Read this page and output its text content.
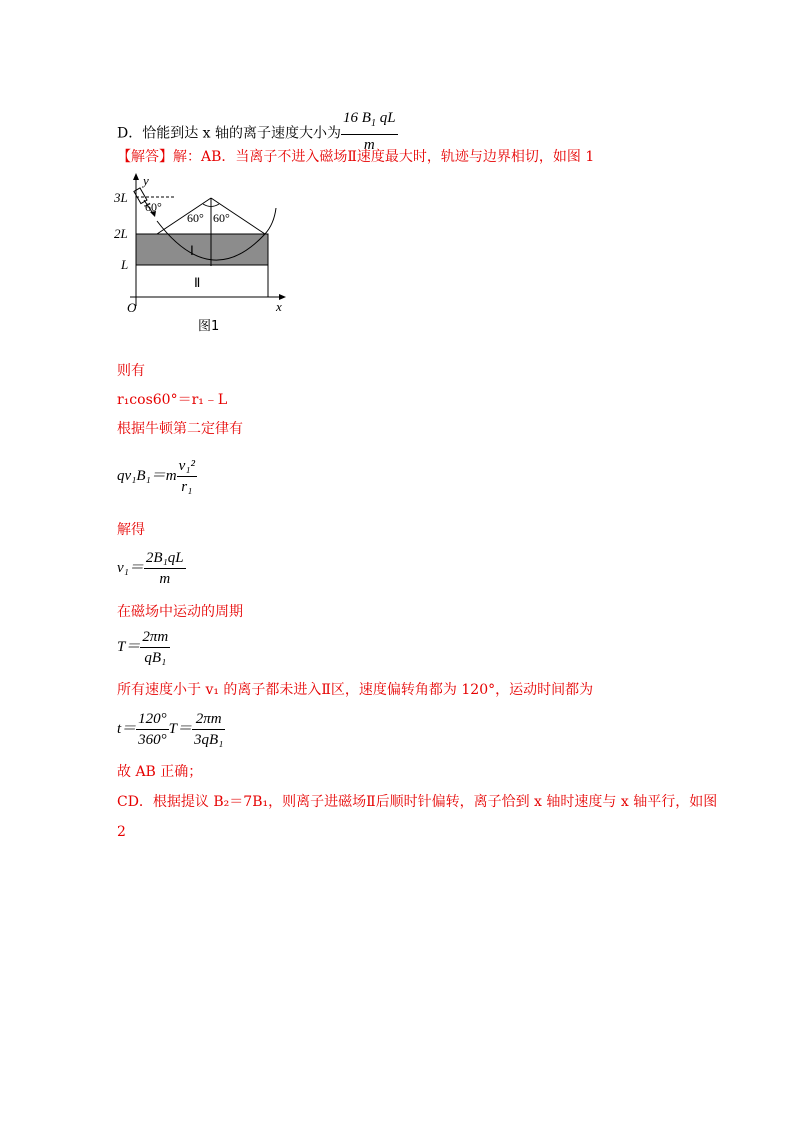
D．恰能到达 x 轴的离子速度大小为 $\frac{16 B_1 qL}{m}$
【解答】解：AB．当离子不进入磁场Ⅱ速度最大时，轨迹与边界相切，如图 1
y
x
O
3L
2L
L
60°
60° 60°
Ⅰ
Ⅱ
图1
则有
r₁cos60°＝r₁﹣L
根据牛顿第二定律有
$qv_1B_1=m \frac{\text{v₁²}}{\text{r₁}}$
解得
$v_1= \frac{\text{2B₁qL}}{m}$
在磁场中运动的周期
$T= \frac{2\pi m}{\text{qB₁}}$
所有速度小于 v₁ 的离子都未进入Ⅱ区，速度偏转角都为 120°，运动时间都为
$t= \frac{120^\circ}{360^\circ} T= \frac{2\pi m}{\text{3qB₁}}$
故 AB 正确；
CD．根据提议 B₂＝7B₁，则离子进磁场Ⅱ后顺时针偏转，离子恰到 x 轴时速度与 x 轴平行，如图
2
